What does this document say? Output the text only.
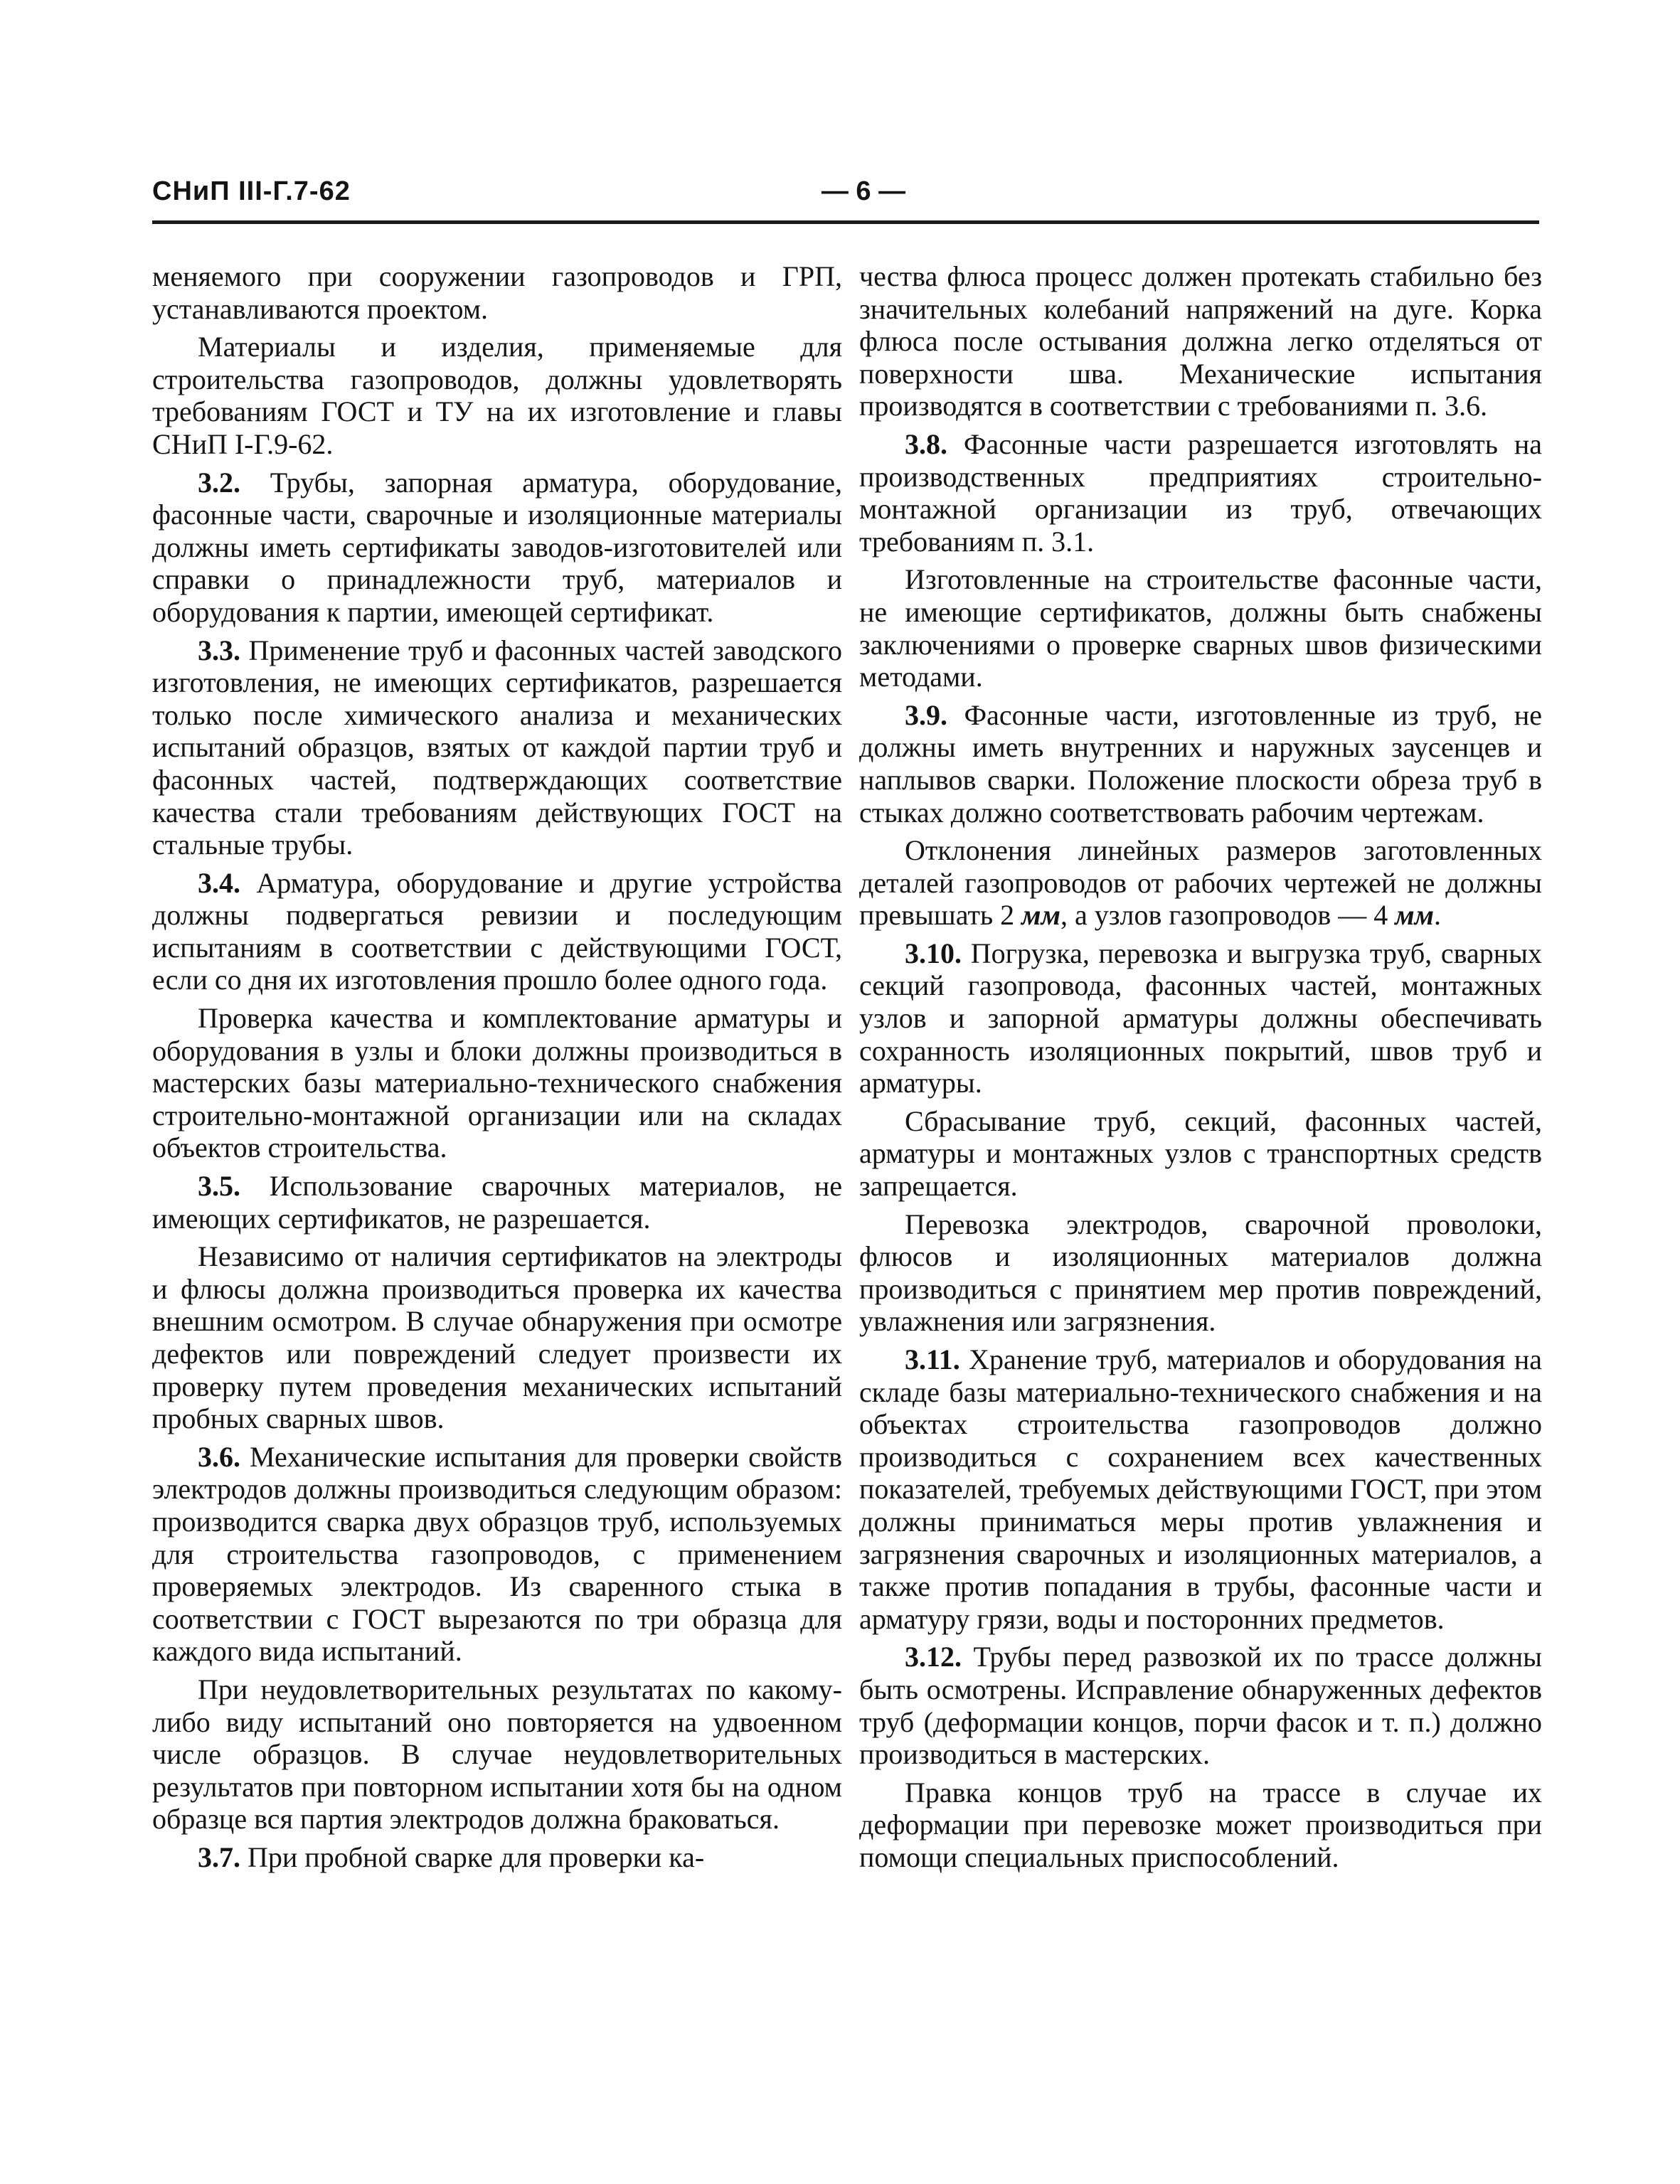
СНиП III-Г.7-62	— 6 —

меняемого при сооружении газопроводов и ГРП, устанавливаются проектом.

Материалы и изделия, применяемые для строительства газопроводов, должны удовлетворять требованиям ГОСТ и ТУ на их изготовление и главы СНиП I-Г.9-62.

3.2. Трубы, запорная арматура, оборудование, фасонные части, сварочные и изоляционные материалы должны иметь сертификаты заводов-изготовителей или справки о принадлежности труб, материалов и оборудования к партии, имеющей сертификат.

3.3. Применение труб и фасонных частей заводского изготовления, не имеющих сертификатов, разрешается только после химического анализа и механических испытаний образцов, взятых от каждой партии труб и фасонных частей, подтверждающих соответствие качества стали требованиям действующих ГОСТ на стальные трубы.

3.4. Арматура, оборудование и другие устройства должны подвергаться ревизии и последующим испытаниям в соответствии с действующими ГОСТ, если со дня их изготовления прошло более одного года.

Проверка качества и комплектование арматуры и оборудования в узлы и блоки должны производиться в мастерских базы материально-технического снабжения строительно-монтажной организации или на складах объектов строительства.

3.5. Использование сварочных материалов, не имеющих сертификатов, не разрешается.

Независимо от наличия сертификатов на электроды и флюсы должна производиться проверка их качества внешним осмотром. В случае обнаружения при осмотре дефектов или повреждений следует произвести их проверку путем проведения механических испытаний пробных сварных швов.

3.6. Механические испытания для проверки свойств электродов должны производиться следующим образом: производится сварка двух образцов труб, используемых для строительства газопроводов, с применением проверяемых электродов. Из сваренного стыка в соответствии с ГОСТ вырезаются по три образца для каждого вида испытаний.

При неудовлетворительных результатах по какому-либо виду испытаний оно повторяется на удвоенном числе образцов. В случае неудовлетворительных результатов при повторном испытании хотя бы на одном образце вся партия электродов должна браковаться.

3.7. При пробной сварке для проверки ка-

чества флюса процесс должен протекать стабильно без значительных колебаний напряжений на дуге. Корка флюса после остывания должна легко отделяться от поверхности шва. Механические испытания производятся в соответствии с требованиями п. 3.6.

3.8. Фасонные части разрешается изготовлять на производственных предприятиях строительно-монтажной организации из труб, отвечающих требованиям п. 3.1.

Изготовленные на строительстве фасонные части, не имеющие сертификатов, должны быть снабжены заключениями о проверке сварных швов физическими методами.

3.9. Фасонные части, изготовленные из труб, не должны иметь внутренних и наружных заусенцев и наплывов сварки. Положение плоскости обреза труб в стыках должно соответствовать рабочим чертежам.

Отклонения линейных размеров заготовленных деталей газопроводов от рабочих чертежей не должны превышать 2 мм, а узлов газопроводов — 4 мм.

3.10. Погрузка, перевозка и выгрузка труб, сварных секций газопровода, фасонных частей, монтажных узлов и запорной арматуры должны обеспечивать сохранность изоляционных покрытий, швов труб и арматуры.

Сбрасывание труб, секций, фасонных частей, арматуры и монтажных узлов с транспортных средств запрещается.

Перевозка электродов, сварочной проволоки, флюсов и изоляционных материалов должна производиться с принятием мер против повреждений, увлажнения или загрязнения.

3.11. Хранение труб, материалов и оборудования на складе базы материально-технического снабжения и на объектах строительства газопроводов должно производиться с сохранением всех качественных показателей, требуемых действующими ГОСТ, при этом должны приниматься меры против увлажнения и загрязнения сварочных и изоляционных материалов, а также против попадания в трубы, фасонные части и арматуру грязи, воды и посторонних предметов.

3.12. Трубы перед развозкой их по трассе должны быть осмотрены. Исправление обнаруженных дефектов труб (деформации концов, порчи фасок и т. п.) должно производиться в мастерских.

Правка концов труб на трассе в случае их деформации при перевозке может производиться при помощи специальных приспособлений.
